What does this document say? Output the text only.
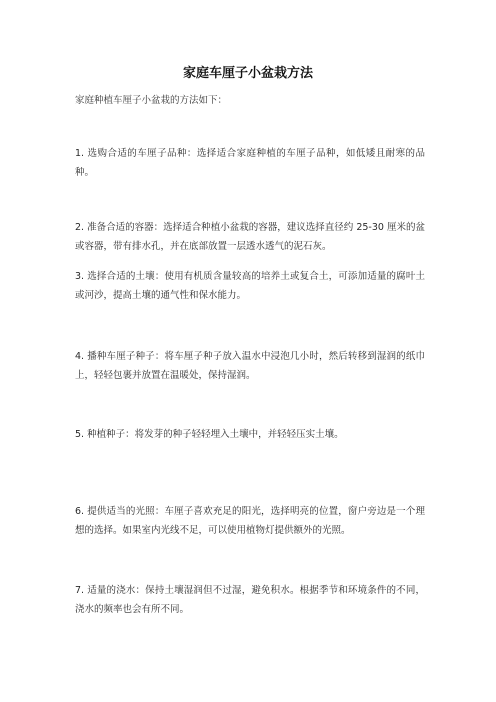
家庭车厘子小盆栽方法

家庭种植车厘子小盆栽的方法如下：

1. 选购合适的车厘子品种：选择适合家庭种植的车厘子品种，如低矮且耐寒的品种。

2. 准备合适的容器：选择适合种植小盆栽的容器，建议选择直径约 25-30 厘米的盆或容器，带有排水孔，并在底部放置一层透水透气的泥石灰。

3. 选择合适的土壤：使用有机质含量较高的培养土或复合土，可添加适量的腐叶土或河沙，提高土壤的通气性和保水能力。

4. 播种车厘子种子：将车厘子种子放入温水中浸泡几小时，然后转移到湿润的纸巾上，轻轻包裹并放置在温暖处，保持湿润。

5. 种植种子：将发芽的种子轻轻埋入土壤中，并轻轻压实土壤。

6. 提供适当的光照：车厘子喜欢充足的阳光，选择明亮的位置，窗户旁边是一个理想的选择。如果室内光线不足，可以使用植物灯提供额外的光照。

7. 适量的浇水：保持土壤湿润但不过湿，避免积水。根据季节和环境条件的不同，浇水的频率也会有所不同。
